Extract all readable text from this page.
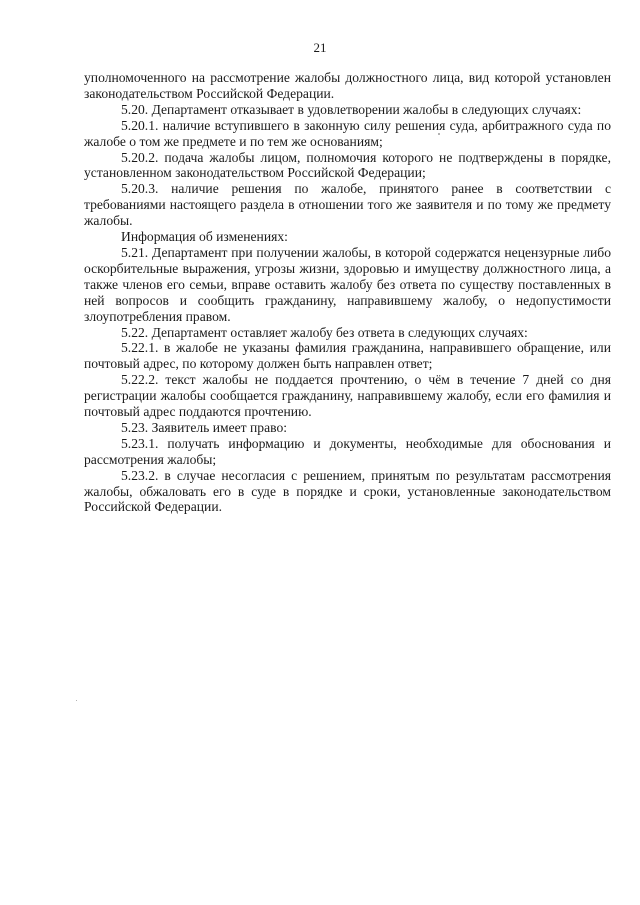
21

уполномоченного на рассмотрение жалобы должностного лица, вид которой установлен законодательством Российской Федерации.

5.20. Департамент отказывает в удовлетворении жалобы в следующих случаях:

5.20.1. наличие вступившего в законную силу решения суда, арбитражного суда по жалобе о том же предмете и по тем же основаниям;

5.20.2. подача жалобы лицом, полномочия которого не подтверждены в порядке, установленном законодательством Российской Федерации;

5.20.3. наличие решения по жалобе, принятого ранее в соответствии с требованиями настоящего раздела в отношении того же заявителя и по тому же предмету жалобы.

Информация об изменениях:

5.21. Департамент при получении жалобы, в которой содержатся нецензурные либо оскорбительные выражения, угрозы жизни, здоровью и имуществу должностного лица, а также членов его семьи, вправе оставить жалобу без ответа по существу поставленных в ней вопросов и сообщить гражданину, направившему жалобу, о недопустимости злоупотребления правом.

5.22. Департамент оставляет жалобу без ответа в следующих случаях:

5.22.1. в жалобе не указаны фамилия гражданина, направившего обращение, или почтовый адрес, по которому должен быть направлен ответ;

5.22.2. текст жалобы не поддается прочтению, о чём в течение 7 дней со дня регистрации жалобы сообщается гражданину, направившему жалобу, если его фамилия и почтовый адрес поддаются прочтению.

5.23. Заявитель имеет право:

5.23.1. получать информацию и документы, необходимые для обоснования и рассмотрения жалобы;

5.23.2. в случае несогласия с решением, принятым по результатам рассмотрения жалобы, обжаловать его в суде в порядке и сроки, установленные законодательством Российской Федерации.
